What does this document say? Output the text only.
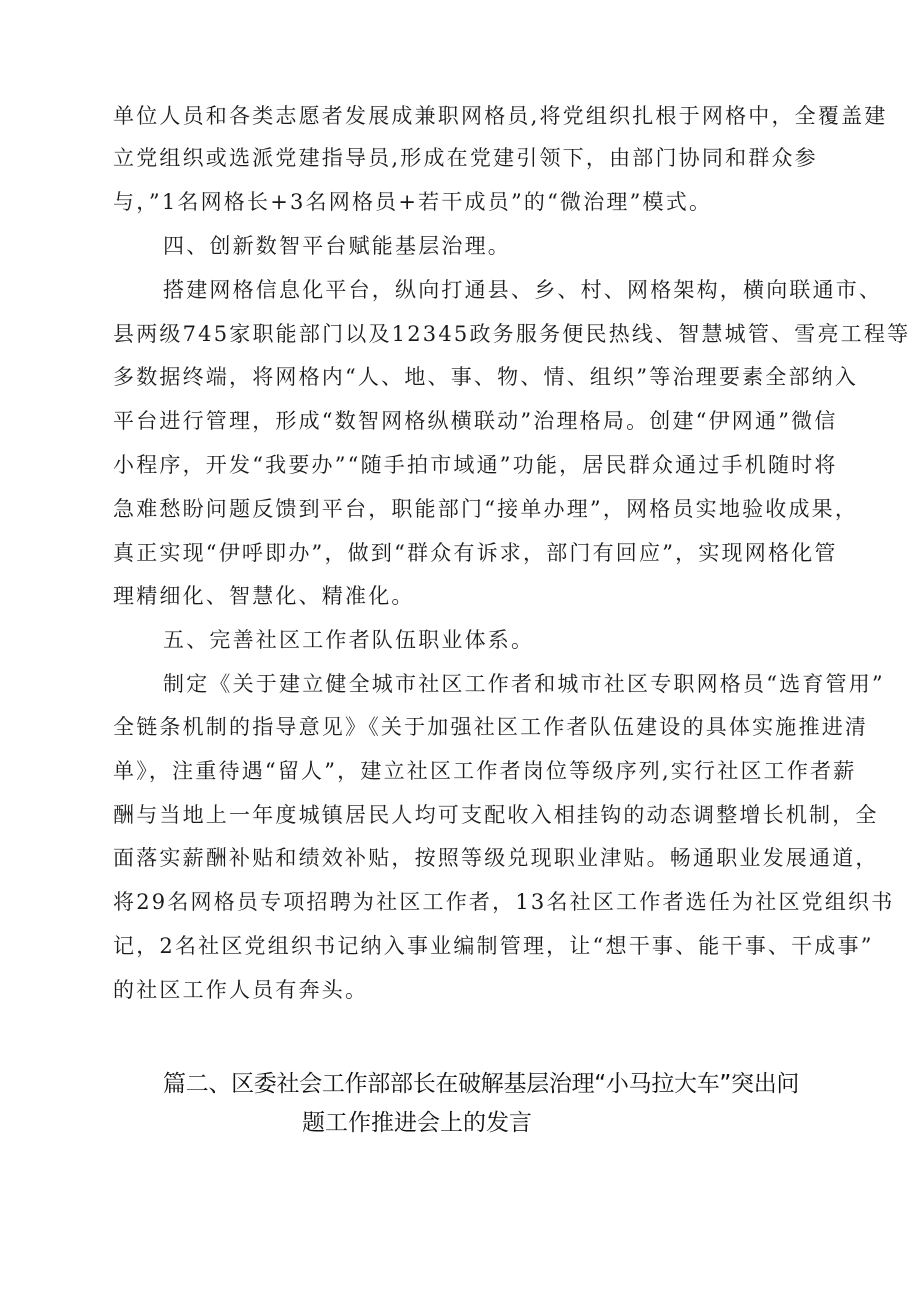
单位人员和各类志愿者发展成兼职网格员,将党组织扎根于网格中，全覆盖建
立党组织或选派党建指导员,形成在党建引领下，由部门协同和群众参
与，”1名网格长+3名网格员+若干成员”的“微治理”模式。
四、创新数智平台赋能基层治理。
搭建网格信息化平台，纵向打通县、乡、村、网格架构，横向联通市、
县两级745家职能部门以及12345政务服务便民热线、智慧城管、雪亮工程等
多数据终端，将网格内“人、地、事、物、情、组织”等治理要素全部纳入
平台进行管理，形成“数智网格纵横联动”治理格局。创建“伊网通”微信
小程序，开发“我要办”“随手拍市域通”功能，居民群众通过手机随时将
急难愁盼问题反馈到平台，职能部门“接单办理”，网格员实地验收成果，
真正实现“伊呼即办”，做到“群众有诉求，部门有回应”，实现网格化管
理精细化、智慧化、精准化。
五、完善社区工作者队伍职业体系。
制定《关于建立健全城市社区工作者和城市社区专职网格员“选育管用”
全链条机制的指导意见》《关于加强社区工作者队伍建设的具体实施推进清
单》，注重待遇“留人”，建立社区工作者岗位等级序列,实行社区工作者薪
酬与当地上一年度城镇居民人均可支配收入相挂钩的动态调整增长机制，全
面落实薪酬补贴和绩效补贴，按照等级兑现职业津贴。畅通职业发展通道，
将29名网格员专项招聘为社区工作者，13名社区工作者选任为社区党组织书
记，2名社区党组织书记纳入事业编制管理，让“想干事、能干事、干成事”
的社区工作人员有奔头。
篇二、区委社会工作部部长在破解基层治理“小马拉大车”突出问
题工作推进会上的发言
